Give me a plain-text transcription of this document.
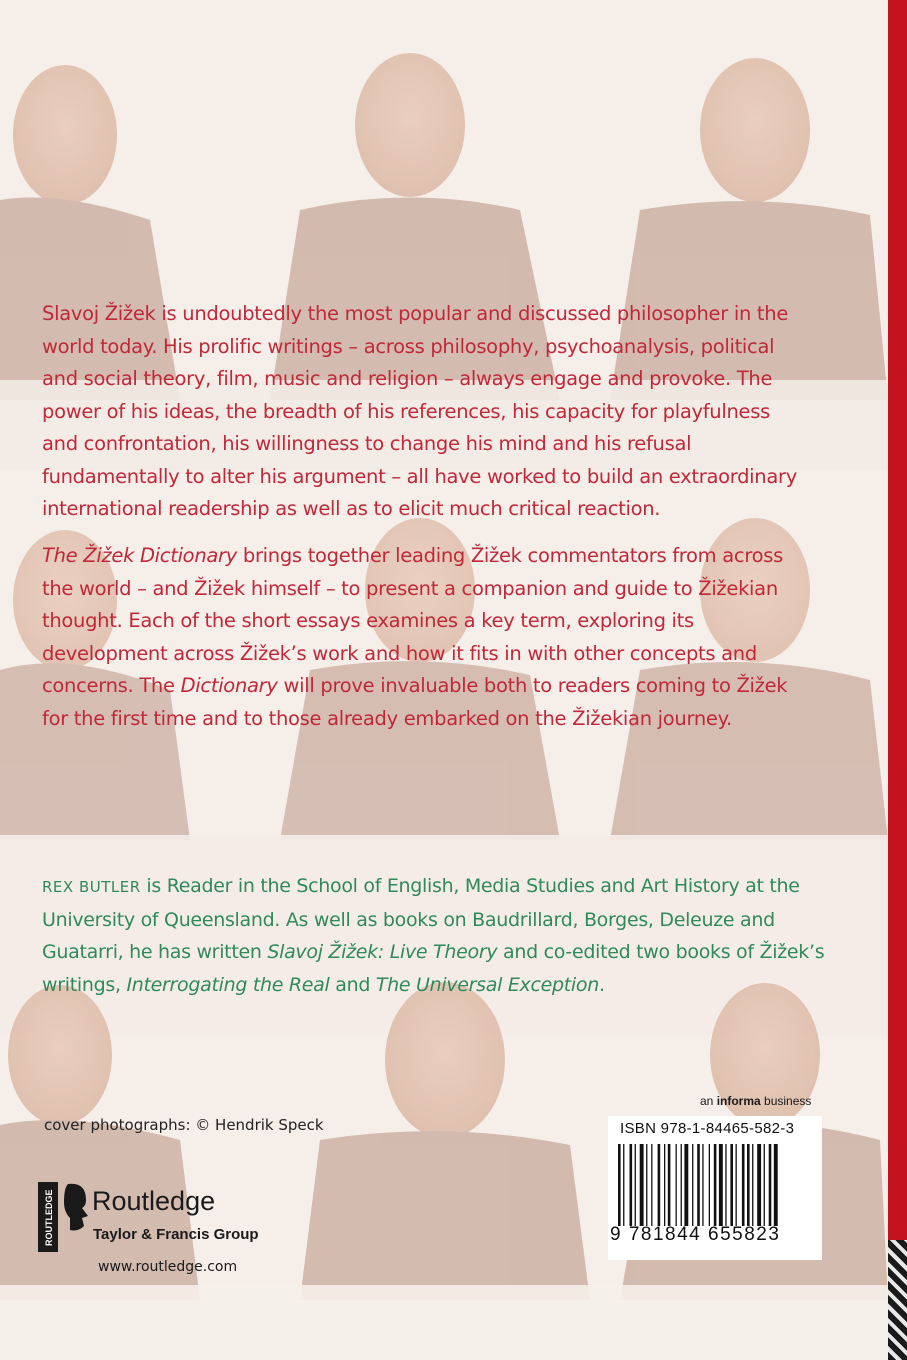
Slavoj Žižek is undoubtedly the most popular and discussed philosopher in the world today. His prolific writings – across philosophy, psychoanalysis, political and social theory, film, music and religion – always engage and provoke. The power of his ideas, the breadth of his references, his capacity for playfulness and confrontation, his willingness to change his mind and his refusal fundamentally to alter his argument – all have worked to build an extraordinary international readership as well as to elicit much critical reaction.

The Žižek Dictionary brings together leading Žižek commentators from across the world – and Žižek himself – to present a companion and guide to Žižekian thought. Each of the short essays examines a key term, exploring its development across Žižek’s work and how it fits in with other concepts and concerns. The Dictionary will prove invaluable both to readers coming to Žižek for the first time and to those already embarked on the Žižekian journey.

REX BUTLER is Reader in the School of English, Media Studies and Art History at the University of Queensland. As well as books on Baudrillard, Borges, Deleuze and Guatarri, he has written Slavoj Žižek: Live Theory and co-edited two books of Žižek’s writings, Interrogating the Real and The Universal Exception.
cover photographs: © Hendrik Speck
ROUTLEDGE Routledge
Taylor & Francis Group
www.routledge.com
an informa business
ISBN 978-1-84465-582-3
9 781844 655823
